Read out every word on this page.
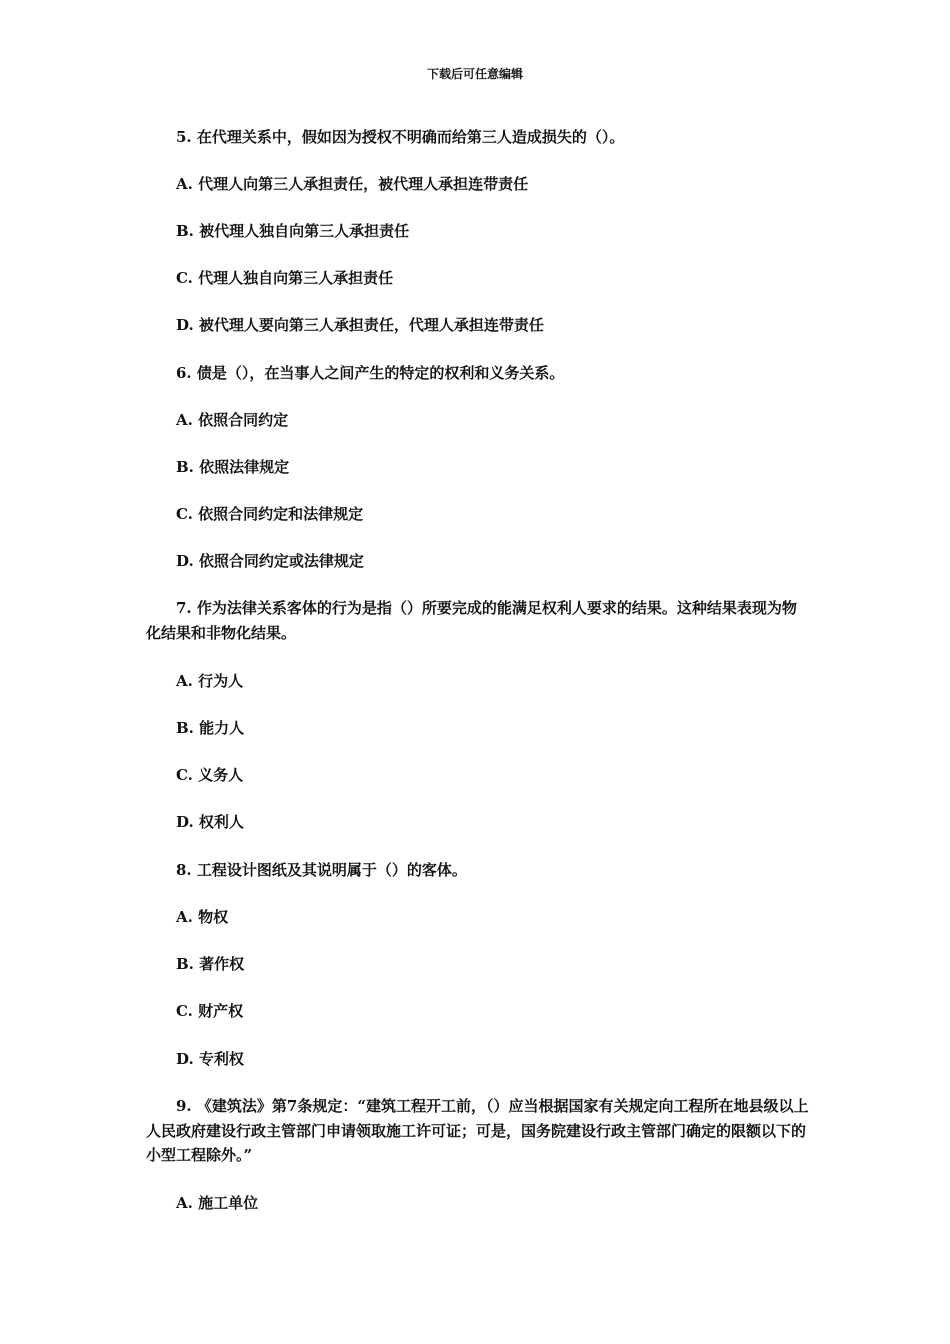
下载后可任意编辑
5. 在代理关系中，假如因为授权不明确而给第三人造成损失的（）。
A. 代理人向第三人承担责任，被代理人承担连带责任
B. 被代理人独自向第三人承担责任
C. 代理人独自向第三人承担责任
D. 被代理人要向第三人承担责任，代理人承担连带责任
6. 债是（），在当事人之间产生的特定的权利和义务关系。
A. 依照合同约定
B. 依照法律规定
C. 依照合同约定和法律规定
D. 依照合同约定或法律规定
7. 作为法律关系客体的行为是指（）所要完成的能满足权利人要求的结果。这种结果表现为物化结果和非物化结果。
A. 行为人
B. 能力人
C. 义务人
D. 权利人
8. 工程设计图纸及其说明属于（）的客体。
A. 物权
B. 著作权
C. 财产权
D. 专利权
9. 《建筑法》第7条规定：“建筑工程开工前，（）应当根据国家有关规定向工程所在地县级以上人民政府建设行政主管部门申请领取施工许可证；可是，国务院建设行政主管部门确定的限额以下的小型工程除外。”
A. 施工单位
